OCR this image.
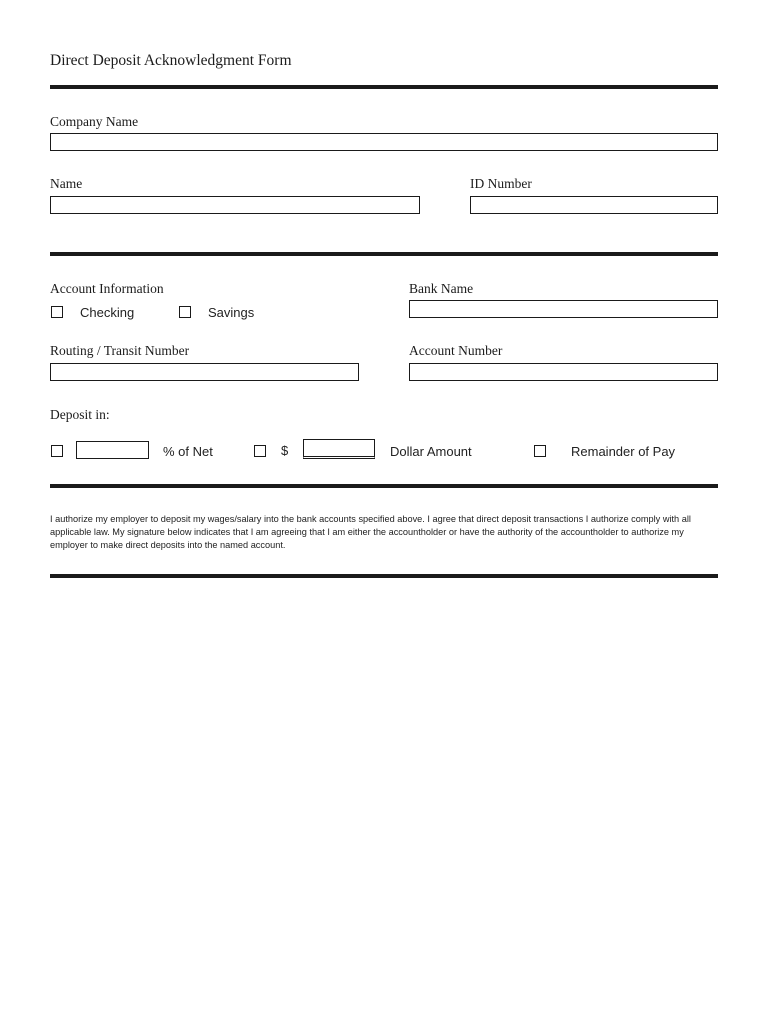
Direct Deposit Acknowledgment Form
Company Name
Name	ID Number
Account Information
Checking	Savings
Bank Name
Routing / Transit Number	Account Number
Deposit in:
% of Net	$	Dollar Amount	Remainder of Pay
I authorize my employer to deposit my wages/salary into the bank accounts specified above. I agree that direct deposit transactions I authorize comply with all applicable law. My signature below indicates that I am agreeing that I am either the accountholder or have the authority of the accountholder to authorize my employer to make direct deposits into the named account.
